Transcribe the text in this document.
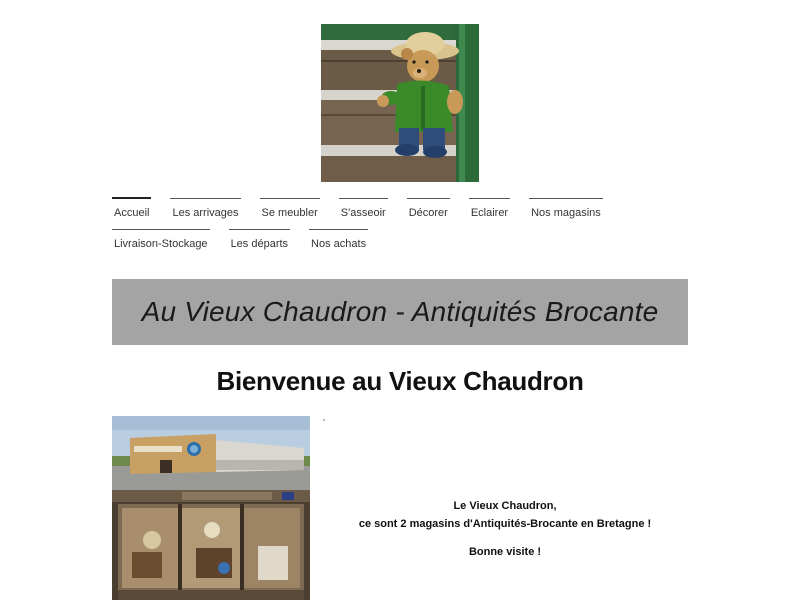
Accueil Les arrivages Se meubler S'asseoir Décorer Eclairer Nos magasins
Livraison-Stockage Les départs Nos achats
Au Vieux Chaudron - Antiquités Brocante
Bienvenue au Vieux Chaudron

Le Vieux Chaudron,

ce sont 2 magasins d'Antiquités-Brocante en Bretagne !

Bonne visite !
